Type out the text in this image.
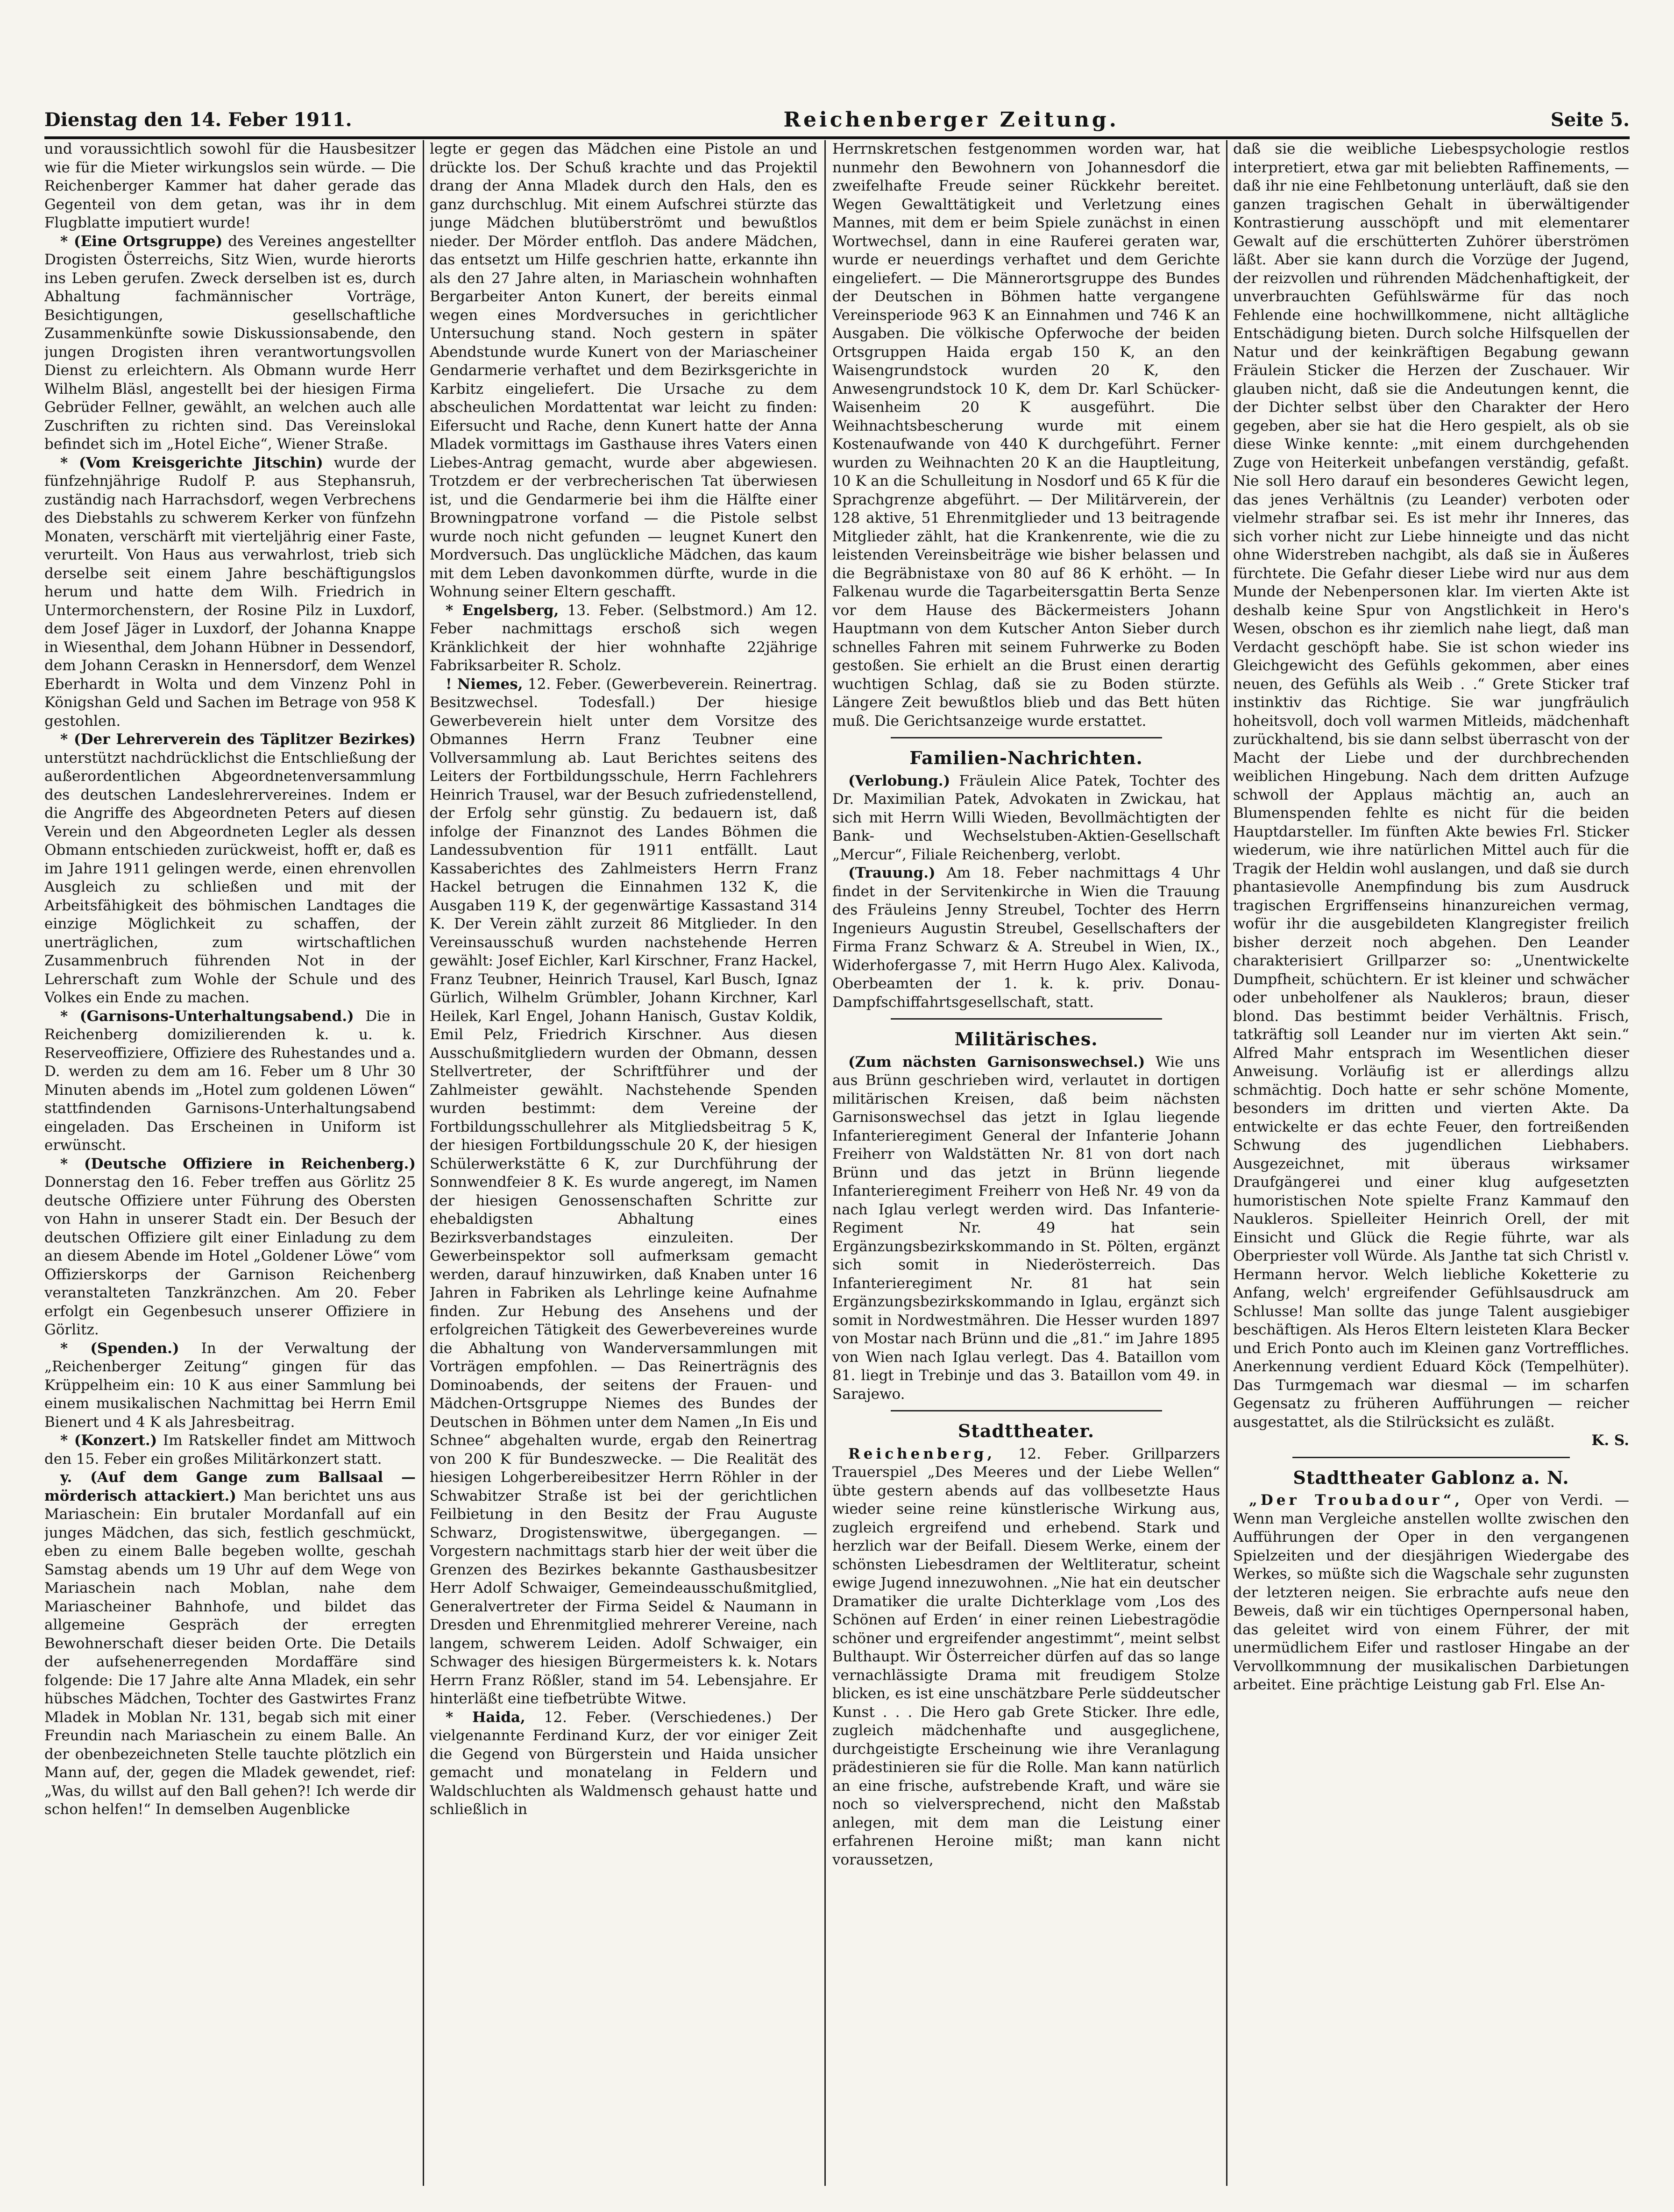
Dienstag den 14. Feber 1911.	Reichenberger Zeitung.	Seite 5.

und voraussichtlich sowohl für die Hausbesitzer wie für die Mieter wirkungslos sein würde. — Die Reichenberger Kammer hat daher gerade das Gegenteil von dem getan, was ihr in dem Flugblatte imputiert wurde!

* (Eine Ortsgruppe) des Vereines angestellter Drogisten Österreichs, Sitz Wien, wurde hierorts ins Leben gerufen. Zweck derselben ist es, durch Abhaltung fachmännischer Vorträge, Besichtigungen, gesellschaftliche Zusammenkünfte sowie Diskussionsabende, den jungen Drogisten ihren verantwortungsvollen Dienst zu erleichtern. Als Obmann wurde Herr Wilhelm Bläsl, angestellt bei der hiesigen Firma Gebrüder Fellner, gewählt, an welchen auch alle Zuschriften zu richten sind. Das Vereinslokal befindet sich im „Hotel Eiche“, Wiener Straße.

* (Vom Kreisgerichte Jitschin) wurde der fünfzehnjährige Rudolf P. aus Stephansruh, zuständig nach Harrachsdorf, wegen Verbrechens des Diebstahls zu schwerem Kerker von fünfzehn Monaten, verschärft mit vierteljährig einer Faste, verurteilt. Von Haus aus verwahrlost, trieb sich derselbe seit einem Jahre beschäftigungslos herum und hatte dem Wilh. Friedrich in Untermorchenstern, der Rosine Pilz in Luxdorf, dem Josef Jäger in Luxdorf, der Johanna Knappe in Wiesenthal, dem Johann Hübner in Dessendorf, dem Johann Ceraskn in Hennersdorf, dem Wenzel Eberhardt in Wolta und dem Vinzenz Pohl in Königshan Geld und Sachen im Betrage von 958 K gestohlen.

* (Der Lehrerverein des Täplitzer Bezirkes) unterstützt nachdrücklichst die Entschließung der außerordentlichen Abgeordnetenversammlung des deutschen Landeslehrervereines. Indem er die Angriffe des Abgeordneten Peters auf diesen Verein und den Abgeordneten Legler als dessen Obmann entschieden zurückweist, hofft er, daß es im Jahre 1911 gelingen werde, einen ehrenvollen Ausgleich zu schließen und mit der Arbeitsfähigkeit des böhmischen Landtages die einzige Möglichkeit zu schaffen, der unerträglichen, zum wirtschaftlichen Zusammenbruch führenden Not in der Lehrerschaft zum Wohle der Schule und des Volkes ein Ende zu machen.

* (Garnisons-Unterhaltungsabend.) Die in Reichenberg domizilierenden k. u. k. Reserveoffiziere, Offiziere des Ruhestandes und a. D. werden zu dem am 16. Feber um 8 Uhr 30 Minuten abends im „Hotel zum goldenen Löwen“ stattfindenden Garnisons-Unterhaltungsabend eingeladen. Das Erscheinen in Uniform ist erwünscht.

* (Deutsche Offiziere in Reichenberg.) Donnerstag den 16. Feber treffen aus Görlitz 25 deutsche Offiziere unter Führung des Obersten von Hahn in unserer Stadt ein. Der Besuch der deutschen Offiziere gilt einer Einladung zu dem an diesem Abende im Hotel „Goldener Löwe“ vom Offizierskorps der Garnison Reichenberg veranstalteten Tanzkränzchen. Am 20. Feber erfolgt ein Gegenbesuch unserer Offiziere in Görlitz.

* (Spenden.) In der Verwaltung der „Reichenberger Zeitung“ gingen für das Krüppelheim ein: 10 K aus einer Sammlung bei einem musikalischen Nachmittag bei Herrn Emil Bienert und 4 K als Jahresbeitrag.

* (Konzert.) Im Ratskeller findet am Mittwoch den 15. Feber ein großes Militärkonzert statt.

y. (Auf dem Gange zum Ballsaal — mörderisch attackiert.) Man berichtet uns aus Mariaschein: Ein brutaler Mordanfall auf ein junges Mädchen, das sich, festlich geschmückt, eben zu einem Balle begeben wollte, geschah Samstag abends um 19 Uhr auf dem Wege von Mariaschein nach Moblan, nahe dem Mariascheiner Bahnhofe, und bildet das allgemeine Gespräch der erregten Bewohnerschaft dieser beiden Orte. Die Details der aufsehenerregenden Mordaffäre sind folgende: Die 17 Jahre alte Anna Mladek, ein sehr hübsches Mädchen, Tochter des Gastwirtes Franz Mladek in Moblan Nr. 131, begab sich mit einer Freundin nach Mariaschein zu einem Balle. An der obenbezeichneten Stelle tauchte plötzlich ein Mann auf, der, gegen die Mladek gewendet, rief: „Was, du willst auf den Ball gehen?! Ich werde dir schon helfen!“ In demselben Augenblicke

legte er gegen das Mädchen eine Pistole an und drückte los. Der Schuß krachte und das Projektil drang der Anna Mladek durch den Hals, den es ganz durchschlug. Mit einem Aufschrei stürzte das junge Mädchen blutüberströmt und bewußtlos nieder. Der Mörder entfloh. Das andere Mädchen, das entsetzt um Hilfe geschrien hatte, erkannte ihn als den 27 Jahre alten, in Mariaschein wohnhaften Bergarbeiter Anton Kunert, der bereits einmal wegen eines Mordversuches in gerichtlicher Untersuchung stand. Noch gestern in später Abendstunde wurde Kunert von der Mariascheiner Gendarmerie verhaftet und dem Bezirksgerichte in Karbitz eingeliefert. Die Ursache zu dem abscheulichen Mordattentat war leicht zu finden: Eifersucht und Rache, denn Kunert hatte der Anna Mladek vormittags im Gasthause ihres Vaters einen Liebes-Antrag gemacht, wurde aber abgewiesen. Trotzdem er der verbrecherischen Tat überwiesen ist, und die Gendarmerie bei ihm die Hälfte einer Browningpatrone vorfand — die Pistole selbst wurde noch nicht gefunden — leugnet Kunert den Mordversuch. Das unglückliche Mädchen, das kaum mit dem Leben davonkommen dürfte, wurde in die Wohnung seiner Eltern geschafft.

* Engelsberg, 13. Feber. (Selbstmord.) Am 12. Feber nachmittags erschoß sich wegen Kränklichkeit der hier wohnhafte 22jährige Fabriksarbeiter R. Scholz.

! Niemes, 12. Feber. (Gewerbeverein. Reinertrag. Besitzwechsel. Todesfall.) Der hiesige Gewerbeverein hielt unter dem Vorsitze des Obmannes Herrn Franz Teubner eine Vollversammlung ab. Laut Berichtes seitens des Leiters der Fortbildungsschule, Herrn Fachlehrers Heinrich Trausel, war der Besuch zufriedenstellend, der Erfolg sehr günstig. Zu bedauern ist, daß infolge der Finanznot des Landes Böhmen die Landessubvention für 1911 entfällt. Laut Kassaberichtes des Zahlmeisters Herrn Franz Hackel betrugen die Einnahmen 132 K, die Ausgaben 119 K, der gegenwärtige Kassastand 314 K. Der Verein zählt zurzeit 86 Mitglieder. In den Vereinsausschuß wurden nachstehende Herren gewählt: Josef Eichler, Karl Kirschner, Franz Hackel, Franz Teubner, Heinrich Trausel, Karl Busch, Ignaz Gürlich, Wilhelm Grümbler, Johann Kirchner, Karl Heilek, Karl Engel, Johann Hanisch, Gustav Koldik, Emil Pelz, Friedrich Kirschner. Aus diesen Ausschußmitgliedern wurden der Obmann, dessen Stellvertreter, der Schriftführer und der Zahlmeister gewählt. Nachstehende Spenden wurden bestimmt: dem Vereine der Fortbildungsschullehrer als Mitgliedsbeitrag 5 K, der hiesigen Fortbildungsschule 20 K, der hiesigen Schülerwerkstätte 6 K, zur Durchführung der Sonnwendfeier 8 K. Es wurde angeregt, im Namen der hiesigen Genossenschaften Schritte zur ehebaldigsten Abhaltung eines Bezirksverbandstages einzuleiten. Der Gewerbeinspektor soll aufmerksam gemacht werden, darauf hinzuwirken, daß Knaben unter 16 Jahren in Fabriken als Lehrlinge keine Aufnahme finden. Zur Hebung des Ansehens und der erfolgreichen Tätigkeit des Gewerbevereines wurde die Abhaltung von Wanderversammlungen mit Vorträgen empfohlen. — Das Reinerträgnis des Dominoabends, der seitens der Frauen- und Mädchen-Ortsgruppe Niemes des Bundes der Deutschen in Böhmen unter dem Namen „In Eis und Schnee“ abgehalten wurde, ergab den Reinertrag von 200 K für Bundeszwecke. — Die Realität des hiesigen Lohgerbereibesitzer Herrn Röhler in der Schwabitzer Straße ist bei der gerichtlichen Feilbietung in den Besitz der Frau Auguste Schwarz, Drogistenswitwe, übergegangen. — Vorgestern nachmittags starb hier der weit über die Grenzen des Bezirkes bekannte Gasthausbesitzer Herr Adolf Schwaiger, Gemeindeausschußmitglied, Generalvertreter der Firma Seidel & Naumann in Dresden und Ehrenmitglied mehrerer Vereine, nach langem, schwerem Leiden. Adolf Schwaiger, ein Schwager des hiesigen Bürgermeisters k. k. Notars Herrn Franz Rößler, stand im 54. Lebensjahre. Er hinterläßt eine tiefbetrübte Witwe.

* Haida, 12. Feber. (Verschiedenes.) Der vielgenannte Ferdinand Kurz, der vor einiger Zeit die Gegend von Bürgerstein und Haida unsicher gemacht und monatelang in Feldern und Waldschluchten als Waldmensch gehaust hatte und schließlich in

Herrnskretschen festgenommen worden war, hat nunmehr den Bewohnern von Johannesdorf die zweifelhafte Freude seiner Rückkehr bereitet. Wegen Gewalttätigkeit und Verletzung eines Mannes, mit dem er beim Spiele zunächst in einen Wortwechsel, dann in eine Rauferei geraten war, wurde er neuerdings verhaftet und dem Gerichte eingeliefert. — Die Männerortsgruppe des Bundes der Deutschen in Böhmen hatte vergangene Vereinsperiode 963 K an Einnahmen und 746 K an Ausgaben. Die völkische Opferwoche der beiden Ortsgruppen Haida ergab 150 K, an den Waisengrundstock wurden 20 K, den Anwesengrundstock 10 K, dem Dr. Karl Schücker-Waisenheim 20 K ausgeführt. Die Weihnachtsbescherung wurde mit einem Kostenaufwande von 440 K durchgeführt. Ferner wurden zu Weihnachten 20 K an die Hauptleitung, 10 K an die Schulleitung in Nosdorf und 65 K für die Sprachgrenze abgeführt. — Der Militärverein, der 128 aktive, 51 Ehrenmitglieder und 13 beitragende Mitglieder zählt, hat die Krankenrente, wie die zu leistenden Vereinsbeiträge wie bisher belassen und die Begräbnistaxe von 80 auf 86 K erhöht. — In Falkenau wurde die Tagarbeitersgattin Berta Senze vor dem Hause des Bäckermeisters Johann Hauptmann von dem Kutscher Anton Sieber durch schnelles Fahren mit seinem Fuhrwerke zu Boden gestoßen. Sie erhielt an die Brust einen derartig wuchtigen Schlag, daß sie zu Boden stürzte. Längere Zeit bewußtlos blieb und das Bett hüten muß. Die Gerichtsanzeige wurde erstattet.

Familien-Nachrichten.

(Verlobung.) Fräulein Alice Patek, Tochter des Dr. Maximilian Patek, Advokaten in Zwickau, hat sich mit Herrn Willi Wieden, Bevollmächtigten der Bank- und Wechselstuben-Aktien-Gesellschaft „Mercur“, Filiale Reichenberg, verlobt.

(Trauung.) Am 18. Feber nachmittags 4 Uhr findet in der Servitenkirche in Wien die Trauung des Fräuleins Jenny Streubel, Tochter des Herrn Ingenieurs Augustin Streubel, Gesellschafters der Firma Franz Schwarz & A. Streubel in Wien, IX., Widerhofergasse 7, mit Herrn Hugo Alex. Kalivoda, Oberbeamten der 1. k. k. priv. Donau-Dampfschiffahrtsgesellschaft, statt.

Militärisches.

(Zum nächsten Garnisonswechsel.) Wie uns aus Brünn geschrieben wird, verlautet in dortigen militärischen Kreisen, daß beim nächsten Garnisonswechsel das jetzt in Iglau liegende Infanterieregiment General der Infanterie Johann Freiherr von Waldstätten Nr. 81 von dort nach Brünn und das jetzt in Brünn liegende Infanterieregiment Freiherr von Heß Nr. 49 von da nach Iglau verlegt werden wird. Das Infanterie-Regiment Nr. 49 hat sein Ergänzungsbezirkskommando in St. Pölten, ergänzt sich somit in Niederösterreich. Das Infanterieregiment Nr. 81 hat sein Ergänzungsbezirkskommando in Iglau, ergänzt sich somit in Nordwestmähren. Die Hesser wurden 1897 von Mostar nach Brünn und die „81.“ im Jahre 1895 von Wien nach Iglau verlegt. Das 4. Bataillon vom 81. liegt in Trebinje und das 3. Bataillon vom 49. in Sarajewo.

Stadttheater.

Reichenberg, 12. Feber. Grillparzers Trauerspiel „Des Meeres und der Liebe Wellen“ übte gestern abends auf das vollbesetzte Haus wieder seine reine künstlerische Wirkung aus, zugleich ergreifend und erhebend. Stark und herzlich war der Beifall. Diesem Werke, einem der schönsten Liebesdramen der Weltliteratur, scheint ewige Jugend innezuwohnen. „Nie hat ein deutscher Dramatiker die uralte Dichterklage vom ‚Los des Schönen auf Erden‘ in einer reinen Liebestragödie schöner und ergreifender angestimmt“, meint selbst Bulthaupt. Wir Österreicher dürfen auf das so lange vernachlässigte Drama mit freudigem Stolze blicken, es ist eine unschätzbare Perle süddeutscher Kunst . . . Die Hero gab Grete Sticker. Ihre edle, zugleich mädchenhafte und ausgeglichene, durchgeistigte Erscheinung wie ihre Veranlagung prädestinieren sie für die Rolle. Man kann natürlich an eine frische, aufstrebende Kraft, und wäre sie noch so vielversprechend, nicht den Maßstab anlegen, mit dem man die Leistung einer erfahrenen Heroine mißt; man kann nicht voraussetzen,

daß sie die weibliche Liebespsychologie restlos interpretiert, etwa gar mit beliebten Raffinements, — daß ihr nie eine Fehlbetonung unterläuft, daß sie den ganzen tragischen Gehalt in überwältigender Kontrastierung ausschöpft und mit elementarer Gewalt auf die erschütterten Zuhörer überströmen läßt. Aber sie kann durch die Vorzüge der Jugend, der reizvollen und rührenden Mädchenhaftigkeit, der unverbrauchten Gefühlswärme für das noch Fehlende eine hochwillkommene, nicht alltägliche Entschädigung bieten. Durch solche Hilfsquellen der Natur und der keinkräftigen Begabung gewann Fräulein Sticker die Herzen der Zuschauer. Wir glauben nicht, daß sie die Andeutungen kennt, die der Dichter selbst über den Charakter der Hero gegeben, aber sie hat die Hero gespielt, als ob sie diese Winke kennte: „mit einem durchgehenden Zuge von Heiterkeit unbefangen verständig, gefaßt. Nie soll Hero darauf ein besonderes Gewicht legen, das jenes Verhältnis (zu Leander) verboten oder vielmehr strafbar sei. Es ist mehr ihr Inneres, das sich vorher nicht zur Liebe hinneigte und das nicht ohne Widerstreben nachgibt, als daß sie in Äußeres fürchtete. Die Gefahr dieser Liebe wird nur aus dem Munde der Nebenpersonen klar. Im vierten Akte ist deshalb keine Spur von Angstlichkeit in Hero's Wesen, obschon es ihr ziemlich nahe liegt, daß man Verdacht geschöpft habe. Sie ist schon wieder ins Gleichgewicht des Gefühls gekommen, aber eines neuen, des Gefühls als Weib . .“ Grete Sticker traf instinktiv das Richtige. Sie war jungfräulich hoheitsvoll, doch voll warmen Mitleids, mädchenhaft zurückhaltend, bis sie dann selbst überrascht von der Macht der Liebe und der durchbrechenden weiblichen Hingebung. Nach dem dritten Aufzuge schwoll der Applaus mächtig an, auch an Blumenspenden fehlte es nicht für die beiden Hauptdarsteller. Im fünften Akte bewies Frl. Sticker wiederum, wie ihre natürlichen Mittel auch für die Tragik der Heldin wohl auslangen, und daß sie durch phantasievolle Anempfindung bis zum Ausdruck tragischen Ergriffenseins hinanzureichen vermag, wofür ihr die ausgebildeten Klangregister freilich bisher derzeit noch abgehen. Den Leander charakterisiert Grillparzer so: „Unentwickelte Dumpfheit, schüchtern. Er ist kleiner und schwächer oder unbeholfener als Naukleros; braun, dieser blond. Das bestimmt beider Verhältnis. Frisch, tatkräftig soll Leander nur im vierten Akt sein.“ Alfred Mahr entsprach im Wesentlichen dieser Anweisung. Vorläufig ist er allerdings allzu schmächtig. Doch hatte er sehr schöne Momente, besonders im dritten und vierten Akte. Da entwickelte er das echte Feuer, den fortreißenden Schwung des jugendlichen Liebhabers. Ausgezeichnet, mit überaus wirksamer Draufgängerei und einer klug aufgesetzten humoristischen Note spielte Franz Kammauf den Naukleros. Spielleiter Heinrich Orell, der mit Einsicht und Glück die Regie führte, war als Oberpriester voll Würde. Als Janthe tat sich Christl v. Hermann hervor. Welch liebliche Koketterie zu Anfang, welch' ergreifender Gefühlsausdruck am Schlusse! Man sollte das junge Talent ausgiebiger beschäftigen. Als Heros Eltern leisteten Klara Becker und Erich Ponto auch im Kleinen ganz Vortreffliches. Anerkennung verdient Eduard Köck (Tempelhüter). Das Turmgemach war diesmal — im scharfen Gegensatz zu früheren Aufführungen — reicher ausgestattet, als die Stilrücksicht es zuläßt.

K. S.
Stadttheater Gablonz a. N.

„Der Troubadour“, Oper von Verdi. — Wenn man Vergleiche anstellen wollte zwischen den Aufführungen der Oper in den vergangenen Spielzeiten und der diesjährigen Wiedergabe des Werkes, so müßte sich die Wagschale sehr zugunsten der letzteren neigen. Sie erbrachte aufs neue den Beweis, daß wir ein tüchtiges Opernpersonal haben, das geleitet wird von einem Führer, der mit unermüdlichem Eifer und rastloser Hingabe an der Vervollkommnung der musikalischen Darbietungen arbeitet. Eine prächtige Leistung gab Frl. Else An-
